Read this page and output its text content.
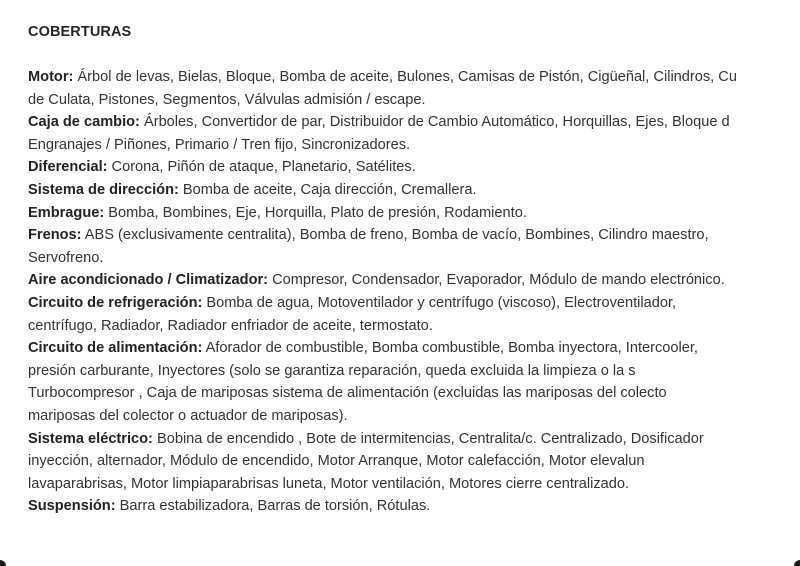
COBERTURAS
Motor: Árbol de levas, Bielas, Bloque, Bomba de aceite, Bulones, Camisas de Pistón, Cigüeñal, Cilindros, Cu
de Culata, Pistones, Segmentos, Válvulas admisión / escape.
Caja de cambio: Árboles, Convertidor de par, Distribuidor de Cambio Automático, Horquillas, Ejes, Bloque d
Engranajes / Piñones, Primario / Tren fijo, Sincronizadores.
Diferencial: Corona, Piñón de ataque, Planetario, Satélites.
Sistema de dirección: Bomba de aceite, Caja dirección, Cremallera.
Embrague: Bomba, Bombines, Eje, Horquilla, Plato de presión, Rodamiento.
Frenos: ABS (exclusivamente centralita), Bomba de freno, Bomba de vacío, Bombines, Cilindro maestro,
Servofreno.
Aire acondicionado / Climatizador: Compresor, Condensador, Evaporador, Módulo de mando electrónico.
Circuito de refrigeración: Bomba de agua, Motoventilador y centrífugo (viscoso), Electroventilador,
centrífugo, Radiador, Radiador enfriador de aceite, termostato.
Circuito de alimentación: Aforador de combustible, Bomba combustible, Bomba inyectora, Intercooler,
presión carburante, Inyectores (solo se garantiza reparación, queda excluida la limpieza o la s
Turbocompresor , Caja de mariposas sistema de alimentación (excluidas las mariposas del colecto
mariposas del colector o actuador de mariposas).
Sistema eléctrico: Bobina de encendido , Bote de intermitencias, Centralita/c. Centralizado, Dosificador
inyección, alternador, Módulo de encendido, Motor Arranque, Motor calefacción, Motor elevalun
lavaparabrisas, Motor limpiaparabrisas luneta, Motor ventilación, Motores cierre centralizado.
Suspensión: Barra estabilizadora, Barras de torsión, Rótulas.
